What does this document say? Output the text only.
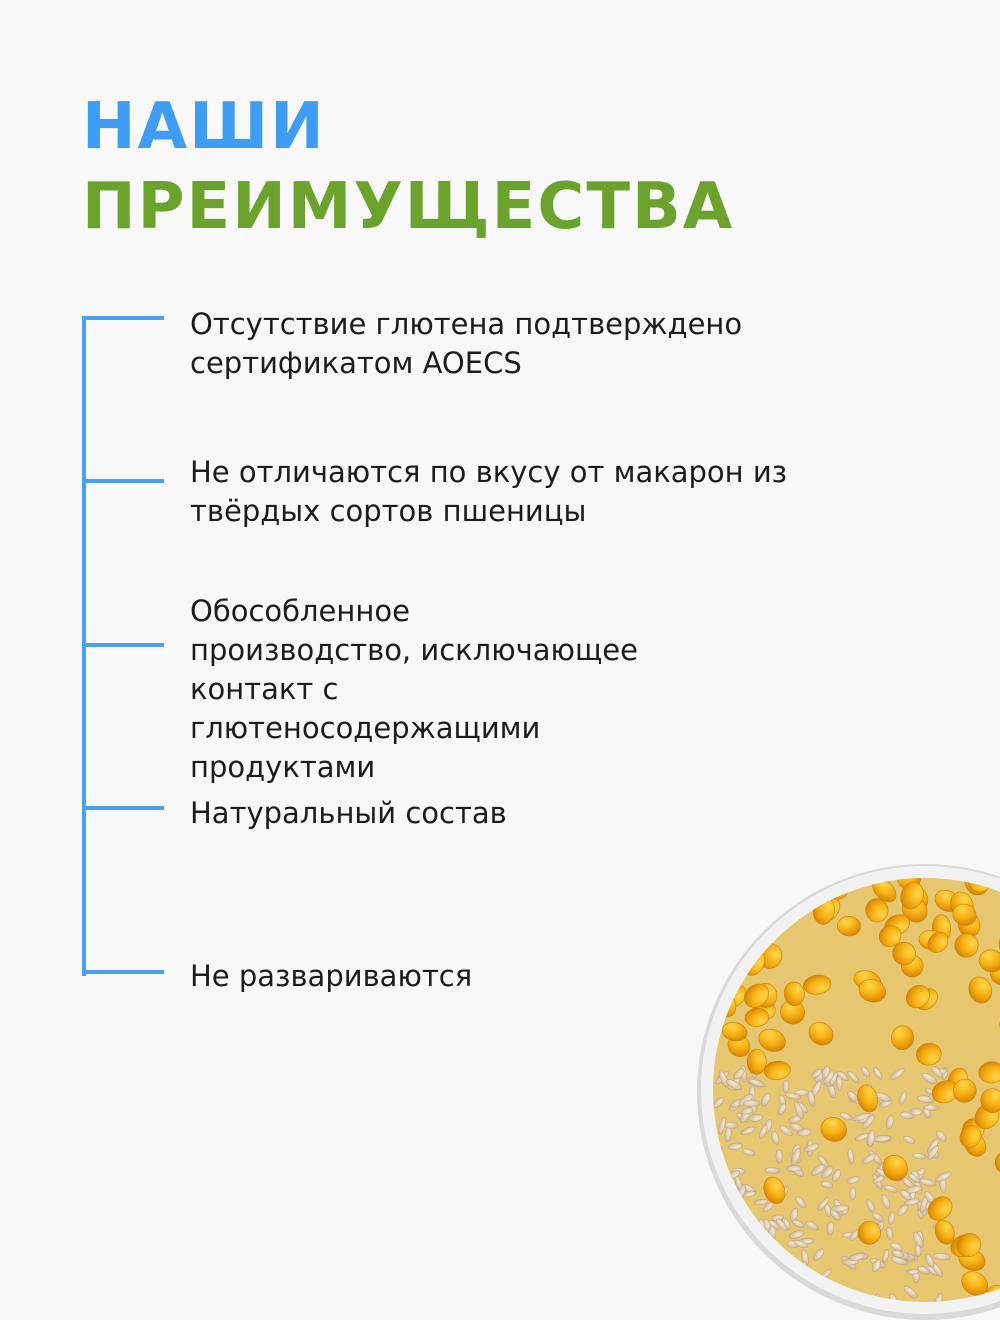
НАШИ
ПРЕИМУЩЕСТВА

Отсутствие глютена подтверждено сертификатом AOECS

Не отличаются по вкусу от макарон из твёрдых сортов пшеницы

Обособленное производство, исключающее контакт с глютеносодержащими продуктами

Натуральный состав

Не развариваются
